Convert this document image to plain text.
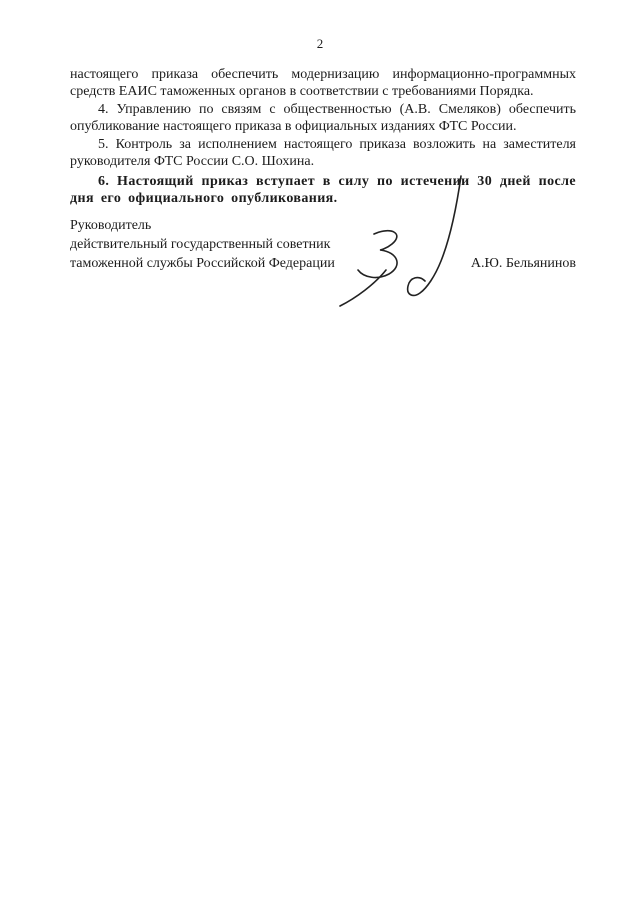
2

настоящего приказа обеспечить модернизацию информационно-программных средств ЕАИС таможенных органов в соответствии с требованиями Порядка.

4. Управлению по связям с общественностью (А.В. Смеляков) обеспечить опубликование настоящего приказа в официальных изданиях ФТС России.

5. Контроль за исполнением настоящего приказа возложить на заместителя руководителя ФТС России С.О. Шохина.

6. Настоящий приказ вступает в силу по истечении 30 дней после дня его официального опубликования.

Руководитель

действительный государственный советник

таможенной службы Российской Федерации	А.Ю. Бельянинов
